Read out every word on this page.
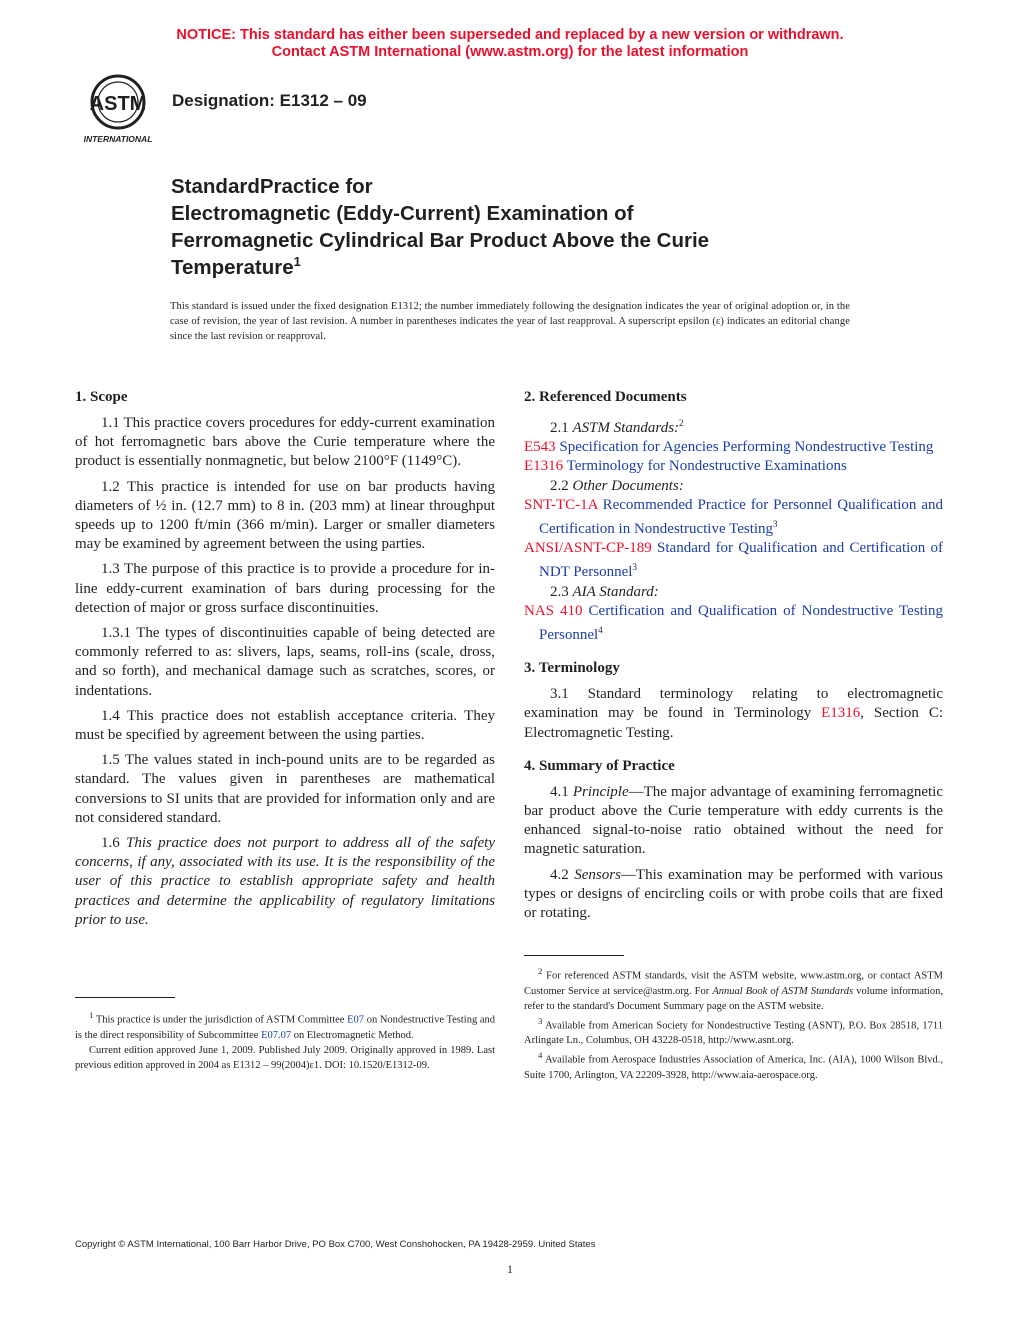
NOTICE: This standard has either been superseded and replaced by a new version or withdrawn.
Contact ASTM International (www.astm.org) for the latest information
ASTM
INTERNATIONAL
Designation: E1312 – 09
StandardPractice for
Electromagnetic (Eddy-Current) Examination of
Ferromagnetic Cylindrical Bar Product Above the Curie
Temperature$^1$

This standard is issued under the fixed designation E1312; the number immediately following the designation indicates the year of original adoption or, in the case of revision, the year of last revision. A number in parentheses indicates the year of last reapproval. A superscript epsilon (ε) indicates an editorial change since the last revision or reapproval.

1. Scope

1.1 This practice covers procedures for eddy-current examination of hot ferromagnetic bars above the Curie temperature where the product is essentially nonmagnetic, but below 2100°F (1149°C).

1.2 This practice is intended for use on bar products having diameters of ½ in. (12.7 mm) to 8 in. (203 mm) at linear throughput speeds up to 1200 ft/min (366 m/min). Larger or smaller diameters may be examined by agreement between the using parties.

1.3 The purpose of this practice is to provide a procedure for in-line eddy-current examination of bars during processing for the detection of major or gross surface discontinuities.

1.3.1 The types of discontinuities capable of being detected are commonly referred to as: slivers, laps, seams, roll-ins (scale, dross, and so forth), and mechanical damage such as scratches, scores, or indentations.

1.4 This practice does not establish acceptance criteria. They must be specified by agreement between the using parties.

1.5 The values stated in inch-pound units are to be regarded as standard. The values given in parentheses are mathematical conversions to SI units that are provided for information only and are not considered standard.

1.6 This practice does not purport to address all of the safety concerns, if any, associated with its use. It is the responsibility of the user of this practice to establish appropriate safety and health practices and determine the applicability of regulatory limitations prior to use.

$^1$ This practice is under the jurisdiction of ASTM Committee E07 on Nondestructive Testing and is the direct responsibility of Subcommittee E07.07 on Electromagnetic Method.

Current edition approved June 1, 2009. Published July 2009. Originally approved in 1989. Last previous edition approved in 2004 as E1312 – 99(2004)ε1. DOI: 10.1520/E1312-09.

2. Referenced Documents

2.1 ASTM Standards:$^2$

E543 Specification for Agencies Performing Nondestructive Testing

E1316 Terminology for Nondestructive Examinations

2.2 Other Documents:

SNT-TC-1A Recommended Practice for Personnel Qualification and Certification in Nondestructive Testing$^3$

ANSI/ASNT-CP-189 Standard for Qualification and Certification of NDT Personnel$^3$

2.3 AIA Standard:

NAS 410 Certification and Qualification of Nondestructive Testing Personnel$^4$

3. Terminology

3.1 Standard terminology relating to electromagnetic examination may be found in Terminology E1316, Section C: Electromagnetic Testing.

4. Summary of Practice

4.1 Principle—The major advantage of examining ferromagnetic bar product above the Curie temperature with eddy currents is the enhanced signal-to-noise ratio obtained without the need for magnetic saturation.

4.2 Sensors—This examination may be performed with various types or designs of encircling coils or with probe coils that are fixed or rotating.

$^2$ For referenced ASTM standards, visit the ASTM website, www.astm.org, or contact ASTM Customer Service at service@astm.org. For Annual Book of ASTM Standards volume information, refer to the standard's Document Summary page on the ASTM website.

$^3$ Available from American Society for Nondestructive Testing (ASNT), P.O. Box 28518, 1711 Arlingate Ln., Columbus, OH 43228-0518, http://www.asnt.org.

$^4$ Available from Aerospace Industries Association of America, Inc. (AIA), 1000 Wilson Blvd., Suite 1700, Arlington, VA 22209-3928, http://www.aia-aerospace.org.

Copyright © ASTM International, 100 Barr Harbor Drive, PO Box C700, West Conshohocken, PA 19428-2959. United States
1
